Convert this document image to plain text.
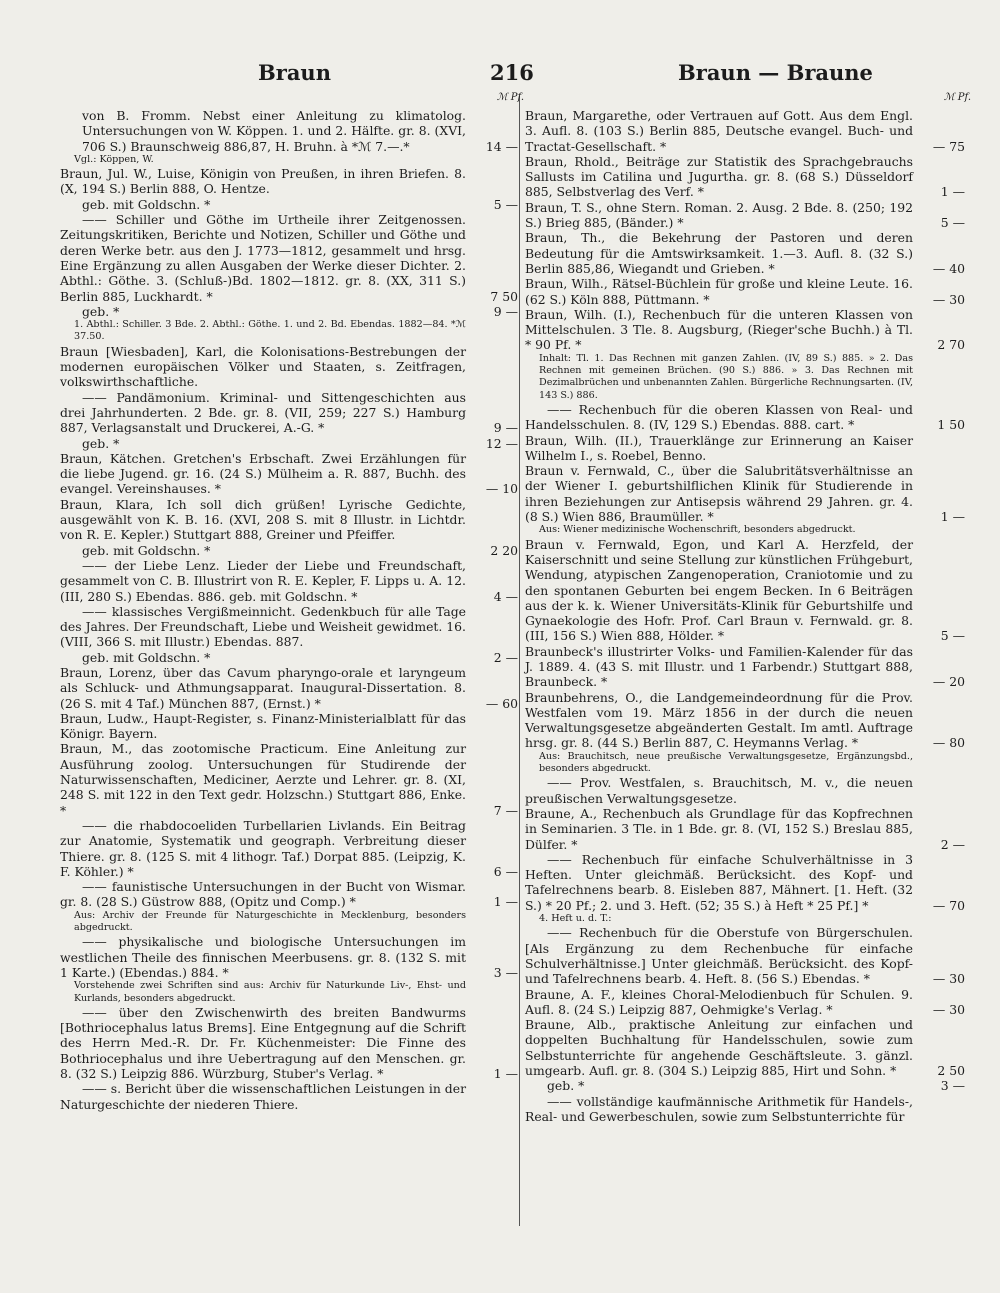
Braun	216	Braun — Braune
ℳ Pf.
von B. Fromm. Nebst einer Anleitung zu klimatolog. Untersuchungen von W. Köppen. 1. und 2. Hälfte. gr. 8. (XVI, 706 S.) Braunschweig 886,87, H. Bruhn. à *ℳ 7.—.*	14 —
Vgl.: Köppen, W.
Braun, Jul. W., Luise, Königin von Preußen, in ihren Briefen. 8. (X, 194 S.) Berlin 888, O. Hentze.
geb. mit Goldschn. *	5 —
—— Schiller und Göthe im Urtheile ihrer Zeitgenossen. Zeitungskritiken, Berichte und Notizen, Schiller und Göthe und deren Werke betr. aus den J. 1773—1812, gesammelt und hrsg. Eine Ergänzung zu allen Ausgaben der Werke dieser Dichter. 2. Abthl.: Göthe. 3. (Schluß-)Bd. 1802—1812. gr. 8. (XX, 311 S.) Berlin 885, Luckhardt. *	7 50
geb. *	9 —
1. Abthl.: Schiller. 3 Bde. 2. Abthl.: Göthe. 1. und 2. Bd. Ebendas. 1882—84. *ℳ 37.50.
Braun [Wiesbaden], Karl, die Kolonisations-Bestrebungen der modernen europäischen Völker und Staaten, s. Zeitfragen, volkswirthschaftliche.
—— Pandämonium. Kriminal- und Sittengeschichten aus drei Jahrhunderten. 2 Bde. gr. 8. (VII, 259; 227 S.) Hamburg 887, Verlagsanstalt und Druckerei, A.-G. *	9 —
geb. *	12 —
Braun, Kätchen. Gretchen's Erbschaft. Zwei Erzählungen für die liebe Jugend. gr. 16. (24 S.) Mülheim a. R. 887, Buchh. des evangel. Vereinshauses. *	— 10
Braun, Klara, Ich soll dich grüßen! Lyrische Gedichte, ausgewählt von K. B. 16. (XVI, 208 S. mit 8 Illustr. in Lichtdr. von R. E. Kepler.) Stuttgart 888, Greiner und Pfeiffer.
geb. mit Goldschn. *	2 20
—— der Liebe Lenz. Lieder der Liebe und Freundschaft, gesammelt von C. B. Illustrirt von R. E. Kepler, F. Lipps u. A. 12. (III, 280 S.) Ebendas. 886. geb. mit Goldschn. *	4 —
—— klassisches Vergißmeinnicht. Gedenkbuch für alle Tage des Jahres. Der Freundschaft, Liebe und Weisheit gewidmet. 16. (VIII, 366 S. mit Illustr.) Ebendas. 887.
geb. mit Goldschn. *	2 —
Braun, Lorenz, über das Cavum pharyngo-orale et laryngeum als Schluck- und Athmungsapparat. Inaugural-Dissertation. 8. (26 S. mit 4 Taf.) München 887, (Ernst.) *	— 60
Braun, Ludw., Haupt-Register, s. Finanz-Ministerialblatt für das Königr. Bayern.
Braun, M., das zootomische Practicum. Eine Anleitung zur Ausführung zoolog. Untersuchungen für Studirende der Naturwissenschaften, Mediciner, Aerzte und Lehrer. gr. 8. (XI, 248 S. mit 122 in den Text gedr. Holzschn.) Stuttgart 886, Enke. *	7 —
—— die rhabdocoeliden Turbellarien Livlands. Ein Beitrag zur Anatomie, Systematik und geograph. Verbreitung dieser Thiere. gr. 8. (125 S. mit 4 lithogr. Taf.) Dorpat 885. (Leipzig, K. F. Köhler.) *	6 —
—— faunistische Untersuchungen in der Bucht von Wismar. gr. 8. (28 S.) Güstrow 888, (Opitz und Comp.) *	1 —
Aus: Archiv der Freunde für Naturgeschichte in Mecklenburg, besonders abgedruckt.
—— physikalische und biologische Untersuchungen im westlichen Theile des finnischen Meerbusens. gr. 8. (132 S. mit 1 Karte.) (Ebendas.) 884. *	3 —
Vorstehende zwei Schriften sind aus: Archiv für Naturkunde Liv-, Ehst- und Kurlands, besonders abgedruckt.
—— über den Zwischenwirth des breiten Bandwurms [Bothriocephalus latus Brems]. Eine Entgegnung auf die Schrift des Herrn Med.-R. Dr. Fr. Küchenmeister: Die Finne des Bothriocephalus und ihre Uebertragung auf den Menschen. gr. 8. (32 S.) Leipzig 886. Würzburg, Stuber's Verlag. *	1 —
—— s. Bericht über die wissenschaftlichen Leistungen in der Naturgeschichte der niederen Thiere.
ℳ Pf.
Braun, Margarethe, oder Vertrauen auf Gott. Aus dem Engl. 3. Aufl. 8. (103 S.) Berlin 885, Deutsche evangel. Buch- und Tractat-Gesellschaft. *	— 75
Braun, Rhold., Beiträge zur Statistik des Sprachgebrauchs Sallusts im Catilina und Jugurtha. gr. 8. (68 S.) Düsseldorf 885, Selbstverlag des Verf. *	1 —
Braun, T. S., ohne Stern. Roman. 2. Ausg. 2 Bde. 8. (250; 192 S.) Brieg 885, (Bänder.) *	5 —
Braun, Th., die Bekehrung der Pastoren und deren Bedeutung für die Amtswirksamkeit. 1.—3. Aufl. 8. (32 S.) Berlin 885,86, Wiegandt und Grieben. *	— 40
Braun, Wilh., Rätsel-Büchlein für große und kleine Leute. 16. (62 S.) Köln 888, Püttmann. *	— 30
Braun, Wilh. (I.), Rechenbuch für die unteren Klassen von Mittelschulen. 3 Tle. 8. Augsburg, (Rieger'sche Buchh.) à Tl. * 90 Pf. *	2 70
Inhalt: Tl. 1. Das Rechnen mit ganzen Zahlen. (IV, 89 S.) 885. » 2. Das Rechnen mit gemeinen Brüchen. (90 S.) 886. » 3. Das Rechnen mit Dezimalbrüchen und unbenannten Zahlen. Bürgerliche Rechnungsarten. (IV, 143 S.) 886.
—— Rechenbuch für die oberen Klassen von Real- und Handelsschulen. 8. (IV, 129 S.) Ebendas. 888. cart. *	1 50
Braun, Wilh. (II.), Trauerklänge zur Erinnerung an Kaiser Wilhelm I., s. Roebel, Benno.
Braun v. Fernwald, C., über die Salubritätsverhältnisse an der Wiener I. geburtshilflichen Klinik für Studierende in ihren Beziehungen zur Antisepsis während 29 Jahren. gr. 4. (8 S.) Wien 886, Braumüller. *	1 —
Aus: Wiener medizinische Wochenschrift, besonders abgedruckt.
Braun v. Fernwald, Egon, und Karl A. Herzfeld, der Kaiserschnitt und seine Stellung zur künstlichen Frühgeburt, Wendung, atypischen Zangenoperation, Craniotomie und zu den spontanen Geburten bei engem Becken. In 6 Beiträgen aus der k. k. Wiener Universitäts-Klinik für Geburtshilfe und Gynaekologie des Hofr. Prof. Carl Braun v. Fernwald. gr. 8. (III, 156 S.) Wien 888, Hölder. *	5 —
Braunbeck's illustrirter Volks- und Familien-Kalender für das J. 1889. 4. (43 S. mit Illustr. und 1 Farbendr.) Stuttgart 888, Braunbeck. *	— 20
Braunbehrens, O., die Landgemeindeordnung für die Prov. Westfalen vom 19. März 1856 in der durch die neuen Verwaltungsgesetze abgeänderten Gestalt. Im amtl. Auftrage hrsg. gr. 8. (44 S.) Berlin 887, C. Heymanns Verlag. *	— 80
Aus: Brauchitsch, neue preußische Verwaltungsgesetze, Ergänzungsbd., besonders abgedruckt.
—— Prov. Westfalen, s. Brauchitsch, M. v., die neuen preußischen Verwaltungsgesetze.
Braune, A., Rechenbuch als Grundlage für das Kopfrechnen in Seminarien. 3 Tle. in 1 Bde. gr. 8. (VI, 152 S.) Breslau 885, Dülfer. *	2 —
—— Rechenbuch für einfache Schulverhältnisse in 3 Heften. Unter gleichmäß. Berücksicht. des Kopf- und Tafelrechnens bearb. 8. Eisleben 887, Mähnert. [1. Heft. (32 S.) * 20 Pf.; 2. und 3. Heft. (52; 35 S.) à Heft * 25 Pf.] *	— 70
4. Heft u. d. T.:
—— Rechenbuch für die Oberstufe von Bürgerschulen. [Als Ergänzung zu dem Rechenbuche für einfache Schulverhältnisse.] Unter gleichmäß. Berücksicht. des Kopf- und Tafelrechnens bearb. 4. Heft. 8. (56 S.) Ebendas. *	— 30
Braune, A. F., kleines Choral-Melodienbuch für Schulen. 9. Aufl. 8. (24 S.) Leipzig 887, Oehmigke's Verlag. *	— 30
Braune, Alb., praktische Anleitung zur einfachen und doppelten Buchhaltung für Handelsschulen, sowie zum Selbstunterrichte für angehende Geschäftsleute. 3. gänzl. umgearb. Aufl. gr. 8. (304 S.) Leipzig 885, Hirt und Sohn. *	2 50
geb. *	3 —
—— vollständige kaufmännische Arithmetik für Handels-, Real- und Gewerbeschulen, sowie zum Selbstunterrichte für
